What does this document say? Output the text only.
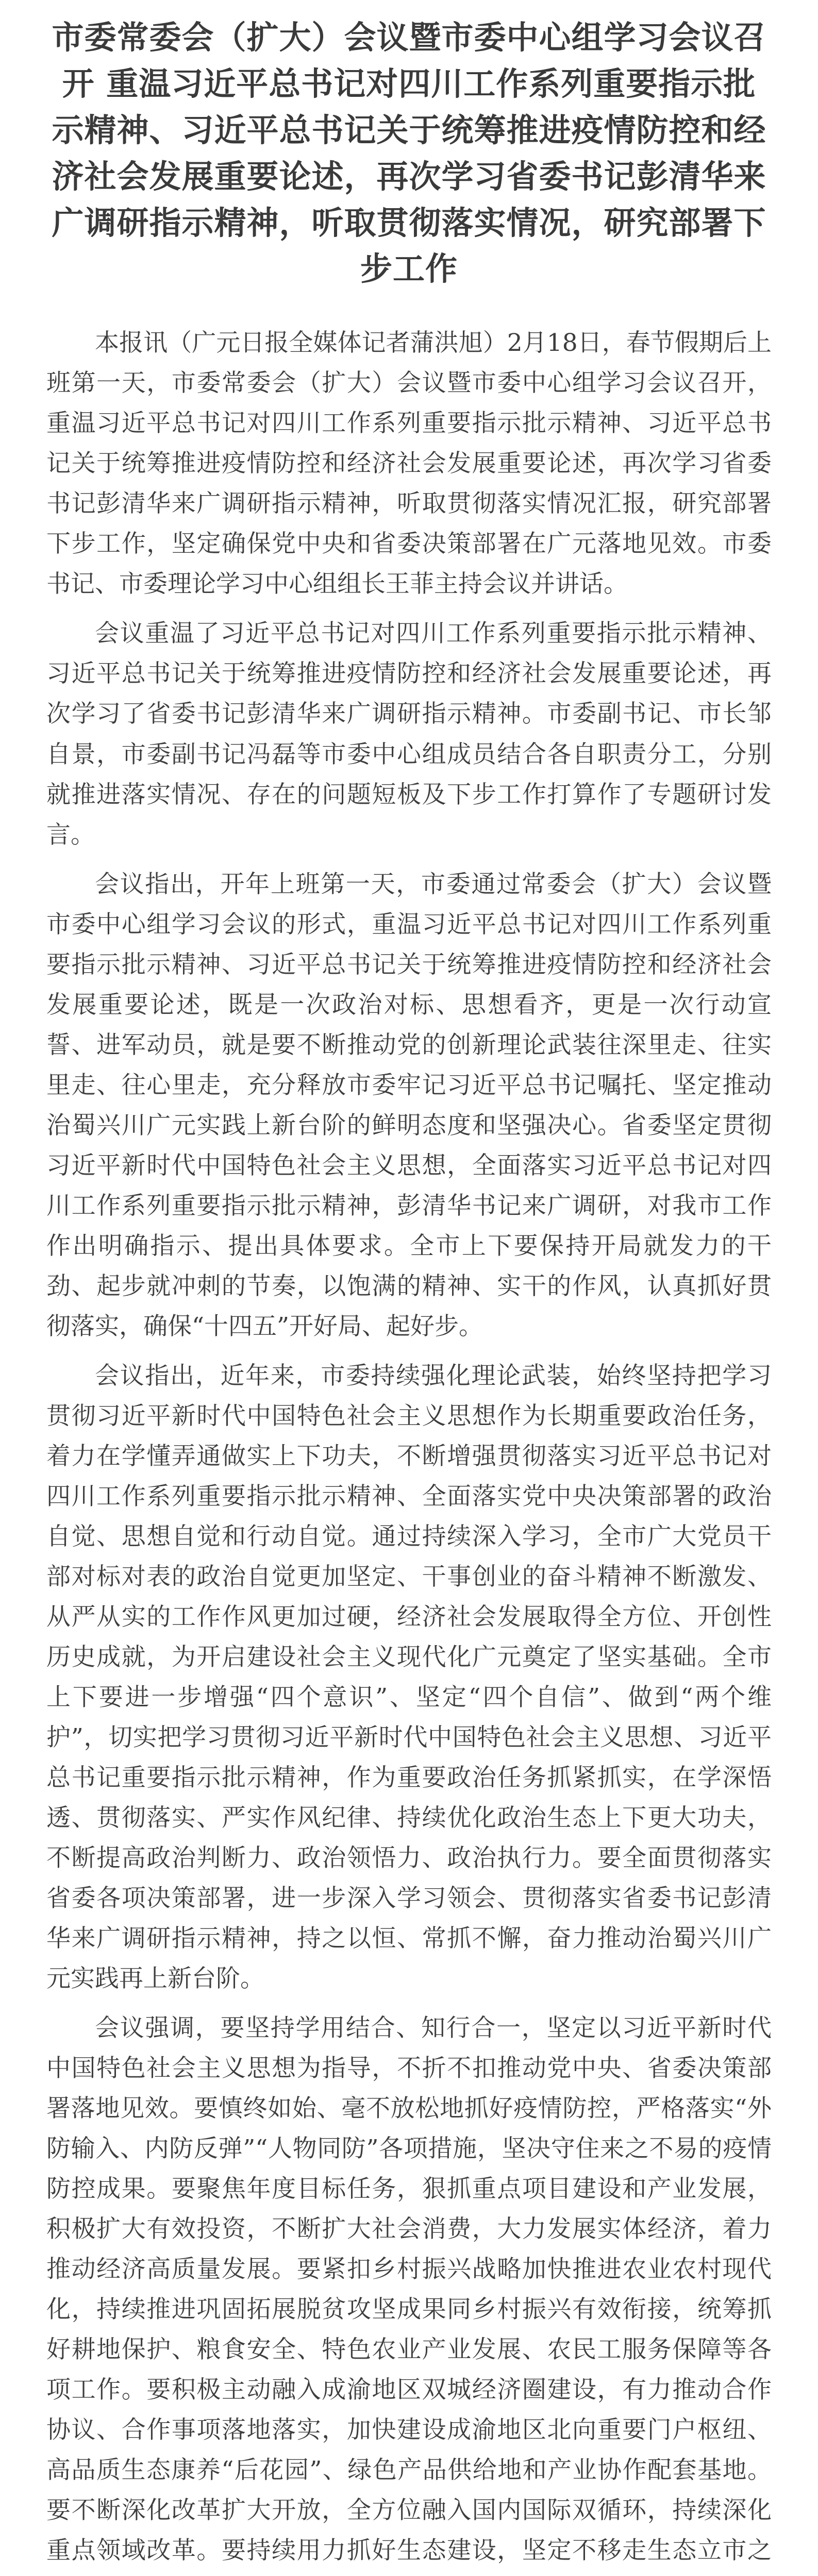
市委常委会（扩大）会议暨市委中心组学习会议召开 重温习近平总书记对四川工作系列重要指示批示精神、习近平总书记关于统筹推进疫情防控和经济社会发展重要论述，再次学习省委书记彭清华来广调研指示精神，听取贯彻落实情况，研究部署下步工作

本报讯（广元日报全媒体记者蒲洪旭）2月18日，春节假期后上班第一天，市委常委会（扩大）会议暨市委中心组学习会议召开，重温习近平总书记对四川工作系列重要指示批示精神、习近平总书记关于统筹推进疫情防控和经济社会发展重要论述，再次学习省委书记彭清华来广调研指示精神，听取贯彻落实情况汇报，研究部署下步工作，坚定确保党中央和省委决策部署在广元落地见效。市委书记、市委理论学习中心组组长王菲主持会议并讲话。

会议重温了习近平总书记对四川工作系列重要指示批示精神、习近平总书记关于统筹推进疫情防控和经济社会发展重要论述，再次学习了省委书记彭清华来广调研指示精神。市委副书记、市长邹自景，市委副书记冯磊等市委中心组成员结合各自职责分工，分别就推进落实情况、存在的问题短板及下步工作打算作了专题研讨发言。

会议指出，开年上班第一天，市委通过常委会（扩大）会议暨市委中心组学习会议的形式，重温习近平总书记对四川工作系列重要指示批示精神、习近平总书记关于统筹推进疫情防控和经济社会发展重要论述，既是一次政治对标、思想看齐，更是一次行动宣誓、进军动员，就是要不断推动党的创新理论武装往深里走、往实里走、往心里走，充分释放市委牢记习近平总书记嘱托、坚定推动治蜀兴川广元实践上新台阶的鲜明态度和坚强决心。省委坚定贯彻习近平新时代中国特色社会主义思想，全面落实习近平总书记对四川工作系列重要指示批示精神，彭清华书记来广调研，对我市工作作出明确指示、提出具体要求。全市上下要保持开局就发力的干劲、起步就冲刺的节奏，以饱满的精神、实干的作风，认真抓好贯彻落实，确保“十四五”开好局、起好步。

会议指出，近年来，市委持续强化理论武装，始终坚持把学习贯彻习近平新时代中国特色社会主义思想作为长期重要政治任务，着力在学懂弄通做实上下功夫，不断增强贯彻落实习近平总书记对四川工作系列重要指示批示精神、全面落实党中央决策部署的政治自觉、思想自觉和行动自觉。通过持续深入学习，全市广大党员干部对标对表的政治自觉更加坚定、干事创业的奋斗精神不断激发、从严从实的工作作风更加过硬，经济社会发展取得全方位、开创性历史成就，为开启建设社会主义现代化广元奠定了坚实基础。全市上下要进一步增强“四个意识”、坚定“四个自信”、做到“两个维护”，切实把学习贯彻习近平新时代中国特色社会主义思想、习近平总书记重要指示批示精神，作为重要政治任务抓紧抓实，在学深悟透、贯彻落实、严实作风纪律、持续优化政治生态上下更大功夫，不断提高政治判断力、政治领悟力、政治执行力。要全面贯彻落实省委各项决策部署，进一步深入学习领会、贯彻落实省委书记彭清华来广调研指示精神，持之以恒、常抓不懈，奋力推动治蜀兴川广元实践再上新台阶。

会议强调，要坚持学用结合、知行合一，坚定以习近平新时代中国特色社会主义思想为指导，不折不扣推动党中央、省委决策部署落地见效。要慎终如始、毫不放松地抓好疫情防控，严格落实“外防输入、内防反弹”“人物同防”各项措施，坚决守住来之不易的疫情防控成果。要聚焦年度目标任务，狠抓重点项目建设和产业发展，积极扩大有效投资，不断扩大社会消费，大力发展实体经济，着力推动经济高质量发展。要紧扣乡村振兴战略加快推进农业农村现代化，持续推进巩固拓展脱贫攻坚成果同乡村振兴有效衔接，统筹抓好耕地保护、粮食安全、特色农业产业发展、农民工服务保障等各项工作。要积极主动融入成渝地区双城经济圈建设，有力推动合作协议、合作事项落地落实，加快建设成渝地区北向重要门户枢纽、高品质生态康养“后花园”、绿色产品供给地和产业协作配套基地。要不断深化改革扩大开放，全方位融入国内国际双循环，持续深化重点领域改革。要持续用力抓好生态建设，坚定不移走生态立市之
